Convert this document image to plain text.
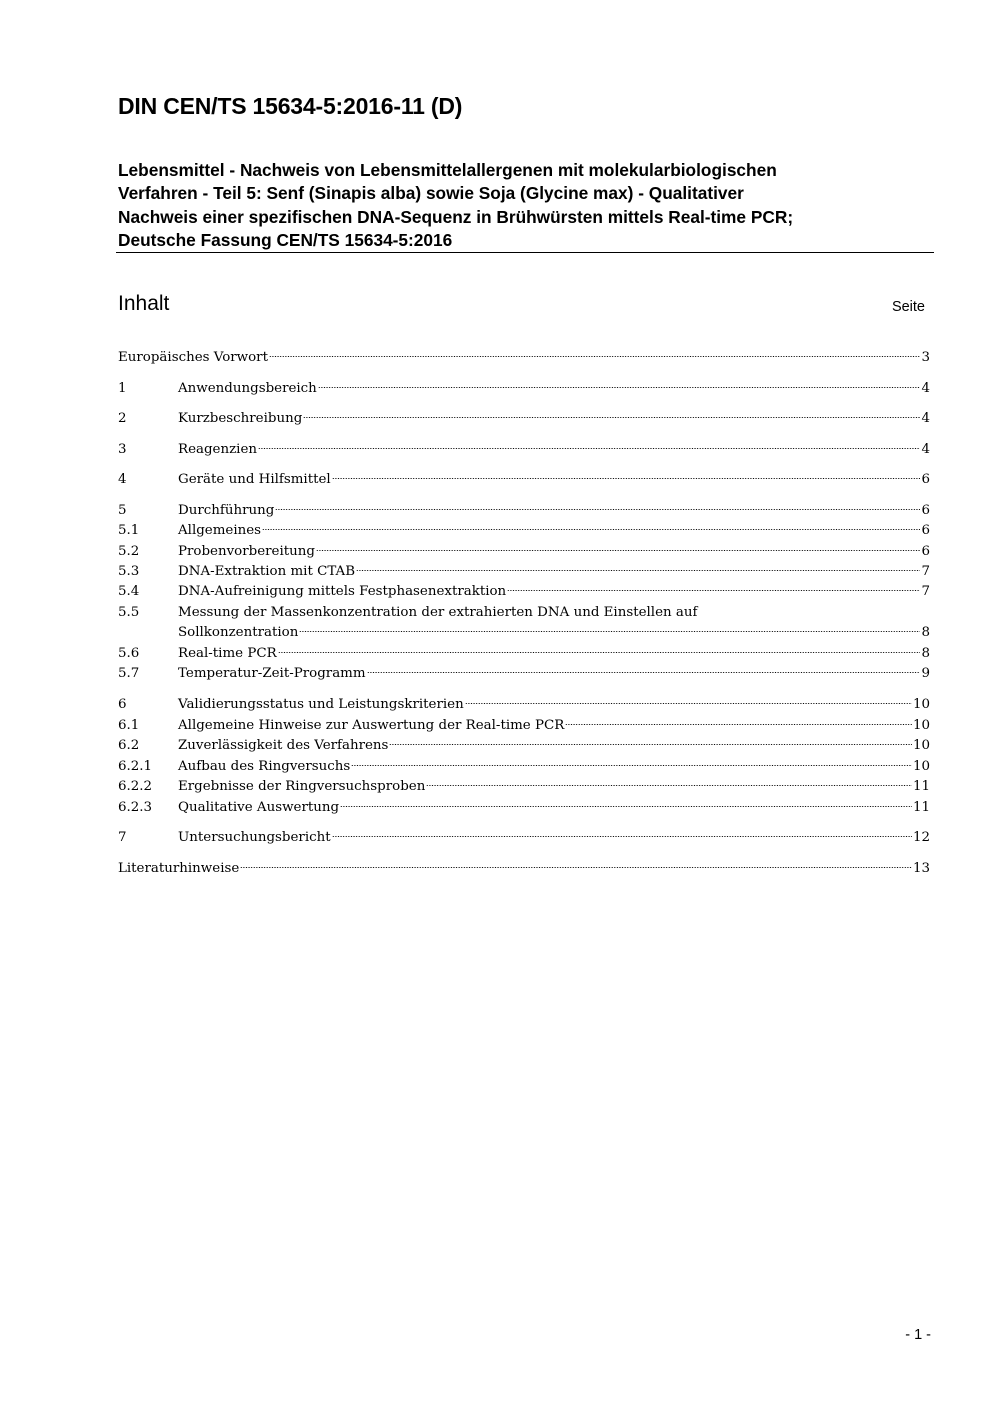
DIN CEN/TS 15634-5:2016-11 (D)
Lebensmittel - Nachweis von Lebensmittelallergenen mit molekularbiologischen
Verfahren - Teil 5: Senf (Sinapis alba) sowie Soja (Glycine max) - Qualitativer
Nachweis einer spezifischen DNA-Sequenz in Brühwürsten mittels Real-time PCR;
Deutsche Fassung CEN/TS 15634-5:2016
Inhalt	Seite
Europäisches Vorwort	3
1	Anwendungsbereich	4
2	Kurzbeschreibung	4
3	Reagenzien	4
4	Geräte und Hilfsmittel	6
5	Durchführung	6
5.1	Allgemeines	6
5.2	Probenvorbereitung	6
5.3	DNA-Extraktion mit CTAB	7
5.4	DNA-Aufreinigung mittels Festphasenextraktion	7
5.5	Messung der Massenkonzentration der extrahierten DNA und Einstellen auf
Sollkonzentration	8
5.6	Real-time PCR	8
5.7	Temperatur-Zeit-Programm	9
6	Validierungsstatus und Leistungskriterien	10
6.1	Allgemeine Hinweise zur Auswertung der Real-time PCR	10
6.2	Zuverlässigkeit des Verfahrens	10
6.2.1 Aufbau des Ringversuchs	10
6.2.2 Ergebnisse der Ringversuchsproben	11
6.2.3 Qualitative Auswertung	11
7	Untersuchungsbericht	12
Literaturhinweise	13
- 1 -
